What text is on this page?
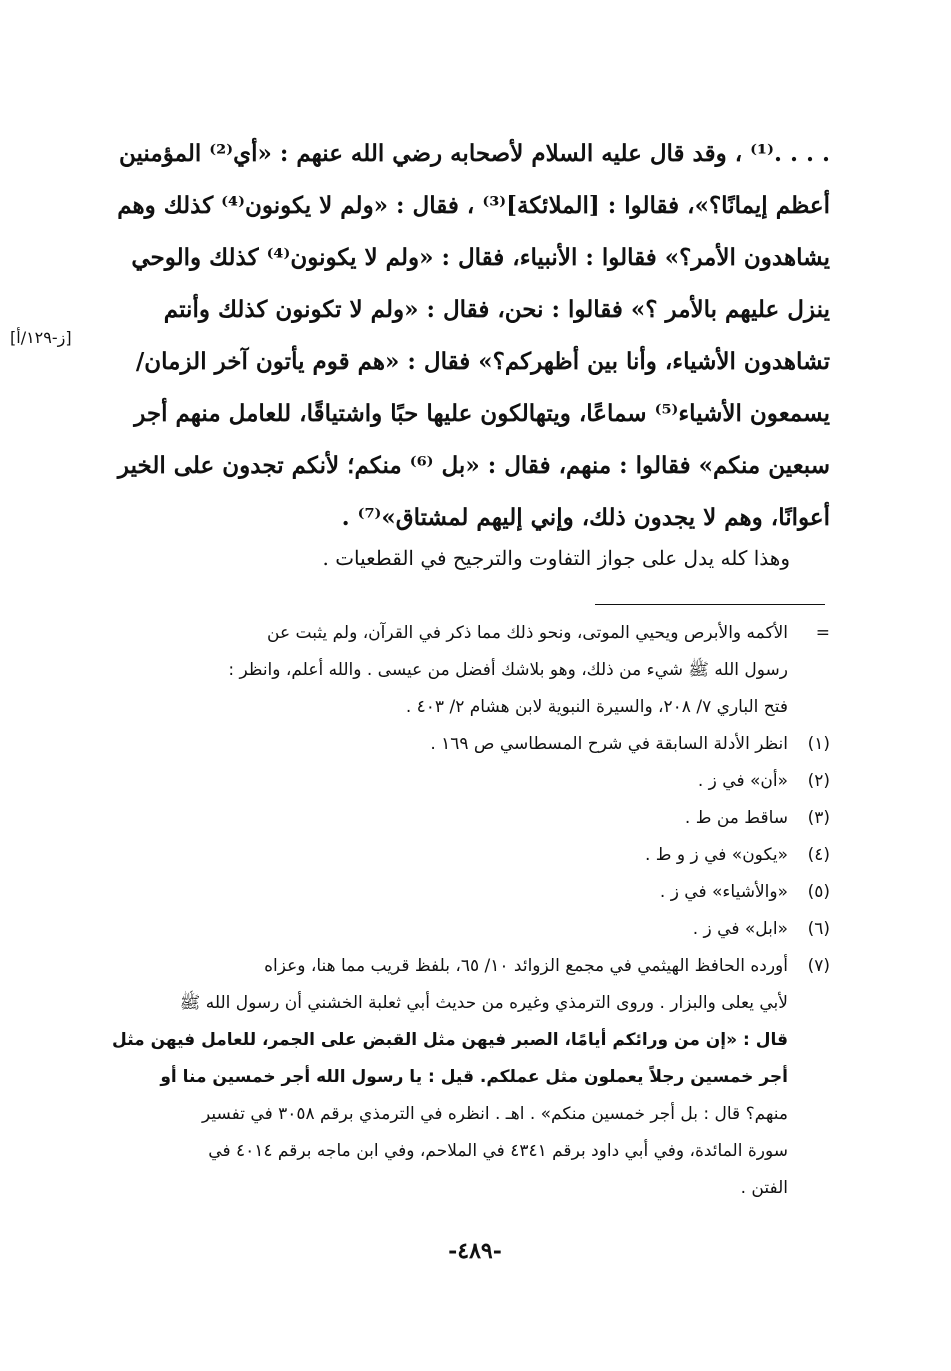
. . . .⁽¹⁾ ، وقد قال عليه السلام لأصحابه رضي الله عنهم : «أي⁽²⁾ المؤمنين
أعظم إيمانًا؟»، فقالوا : [الملائكة]⁽³⁾ ، فقال : «ولم لا يكونون⁽⁴⁾ كذلك وهم
يشاهدون الأمر؟» فقالوا : الأنبياء، فقال : «ولم لا يكونون⁽⁴⁾ كذلك والوحي
ينزل عليهم بالأمر ؟» فقالوا : نحن، فقال : «ولم لا تكونون كذلك وأنتم
تشاهدون الأشياء، وأنا بين أظهركم؟» فقال : «هم قوم يأتون آخر الزمان/
يسمعون الأشياء⁽⁵⁾ سماعًا، ويتهالكون عليها حبًا واشتياقًا، للعامل منهم أجر
سبعين منكم» فقالوا : منهم، فقال : «بل ⁽⁶⁾ منكم؛ لأنكم تجدون على الخير
أعوانًا، وهم لا يجدون ذلك، وإني إليهم لمشتاق»⁽⁷⁾ .
[ز-١٢٩/أ]
وهذا كله يدل على جواز التفاوت والترجيح في القطعيات .
=
الأكمه والأبرص ويحيي الموتى، ونحو ذلك مما ذكر في القرآن، ولم يثبت عن
رسول الله ﷺ شيء من ذلك، وهو بلاشك أفضل من عيسى . والله أعلم، وانظر :
فتح الباري ٧/ ٢٠٨، والسيرة النبوية لابن هشام ٢/ ٤٠٣ .
(١)
انظر الأدلة السابقة في شرح المسطاسي ص ١٦٩ .
(٢)
«أن» في ز .
(٣)
ساقط من ط .
(٤)
«يكون» في ز و ط .
(٥)
«والأشياء» في ز .
(٦)
«ابل» في ز .
(٧)
أورده الحافظ الهيثمي في مجمع الزوائد ١٠/ ٦٥، بلفظ قريب مما هنا، وعزاه
لأبي يعلى والبزار . وروى الترمذي وغيره من حديث أبي ثعلبة الخشني أن رسول الله ﷺ
قال : «إن من ورائكم أيامًا، الصبر فيهن مثل القبض على الجمر، للعامل فيهن مثل
أجر خمسين رجلاً يعملون مثل عملكم. قيل : يا رسول الله أجر خمسين منا أو
منهم؟ قال : بل أجر خمسين منكم» . اهـ . انظره في الترمذي برقم ٣٠٥٨ في تفسير
سورة المائدة، وفي أبي داود برقم ٤٣٤١ في الملاحم، وفي ابن ماجه برقم ٤٠١٤ في
الفتن .
-٤٨٩-
